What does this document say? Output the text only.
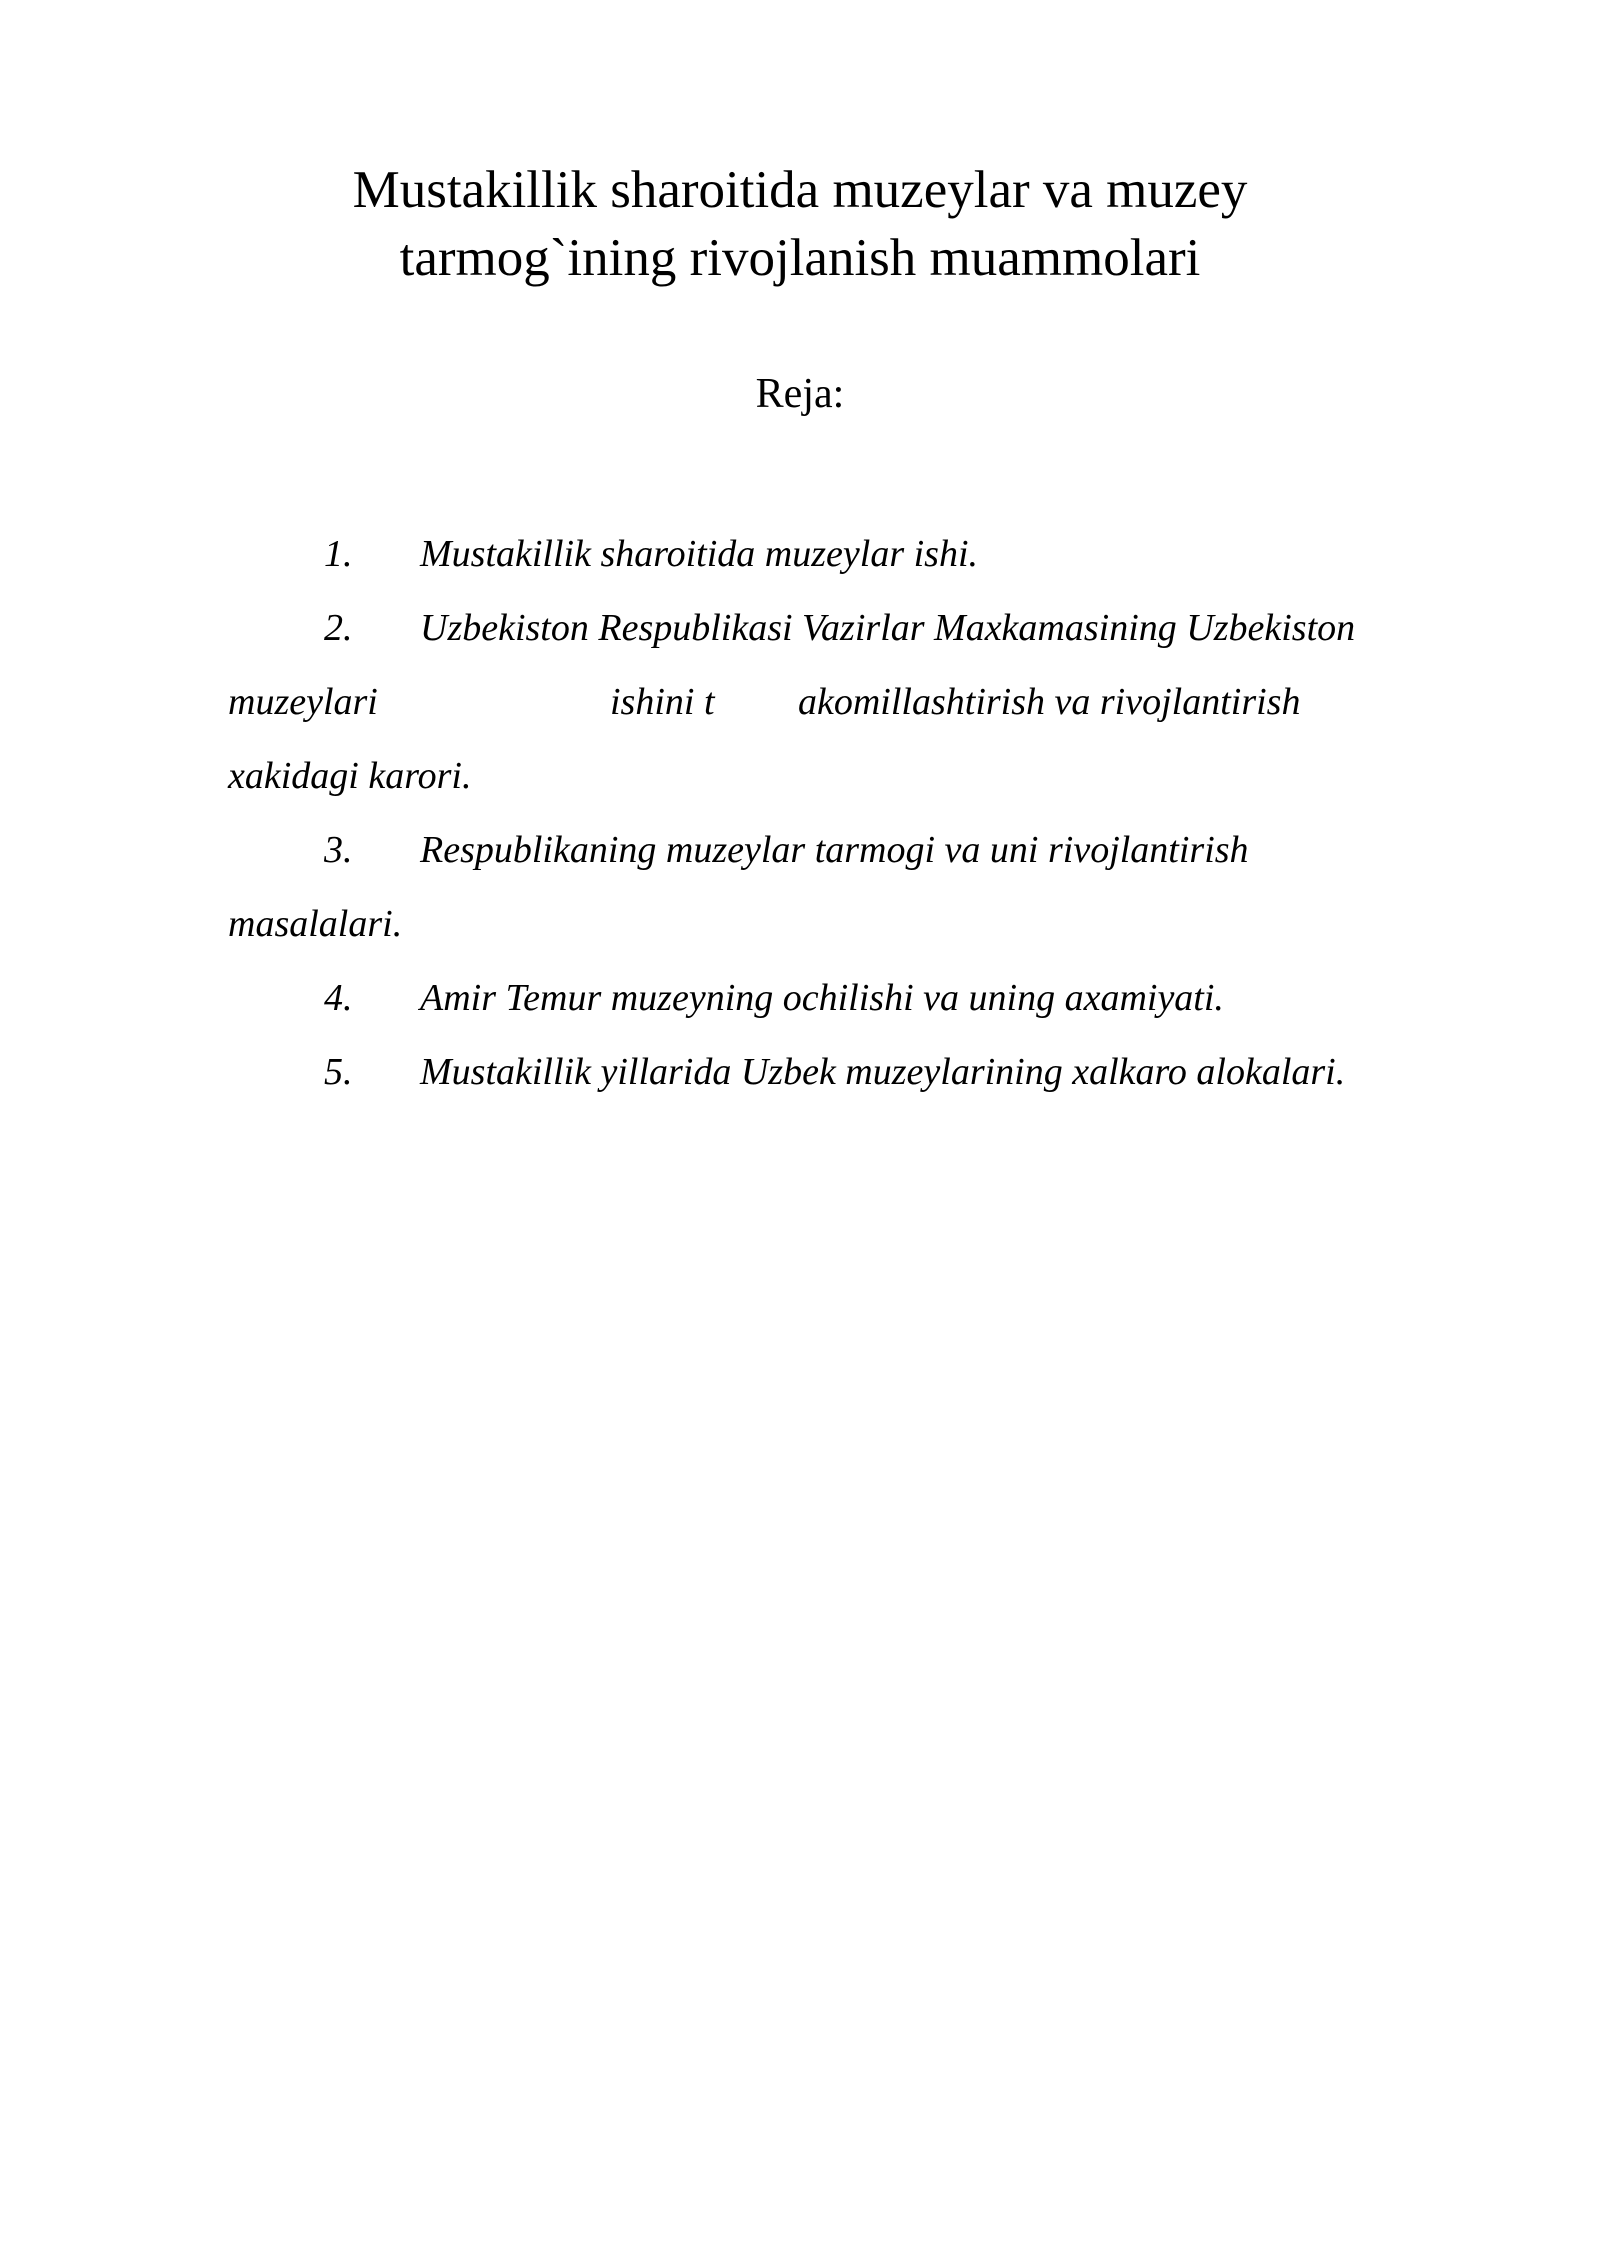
Mustakillik sharoitida muzeylar va muzey
tarmog`ining rivojlanish muammolari
Reja:
1. Mustakillik sharoitida muzeylar ishi.
2. Uzbekiston Respublikasi Vazirlar Maxkamasining Uzbekiston
muzeylari	ishini t akomillashtirish va rivojlantirish
xakidagi karori.
3. Respublikaning muzeylar tarmogi va uni rivojlantirish
masalalari.
4. Amir Temur muzeyning ochilishi va uning axamiyati.
5. Mustakillik yillarida Uzbek muzeylarining xalkaro alokalari.
